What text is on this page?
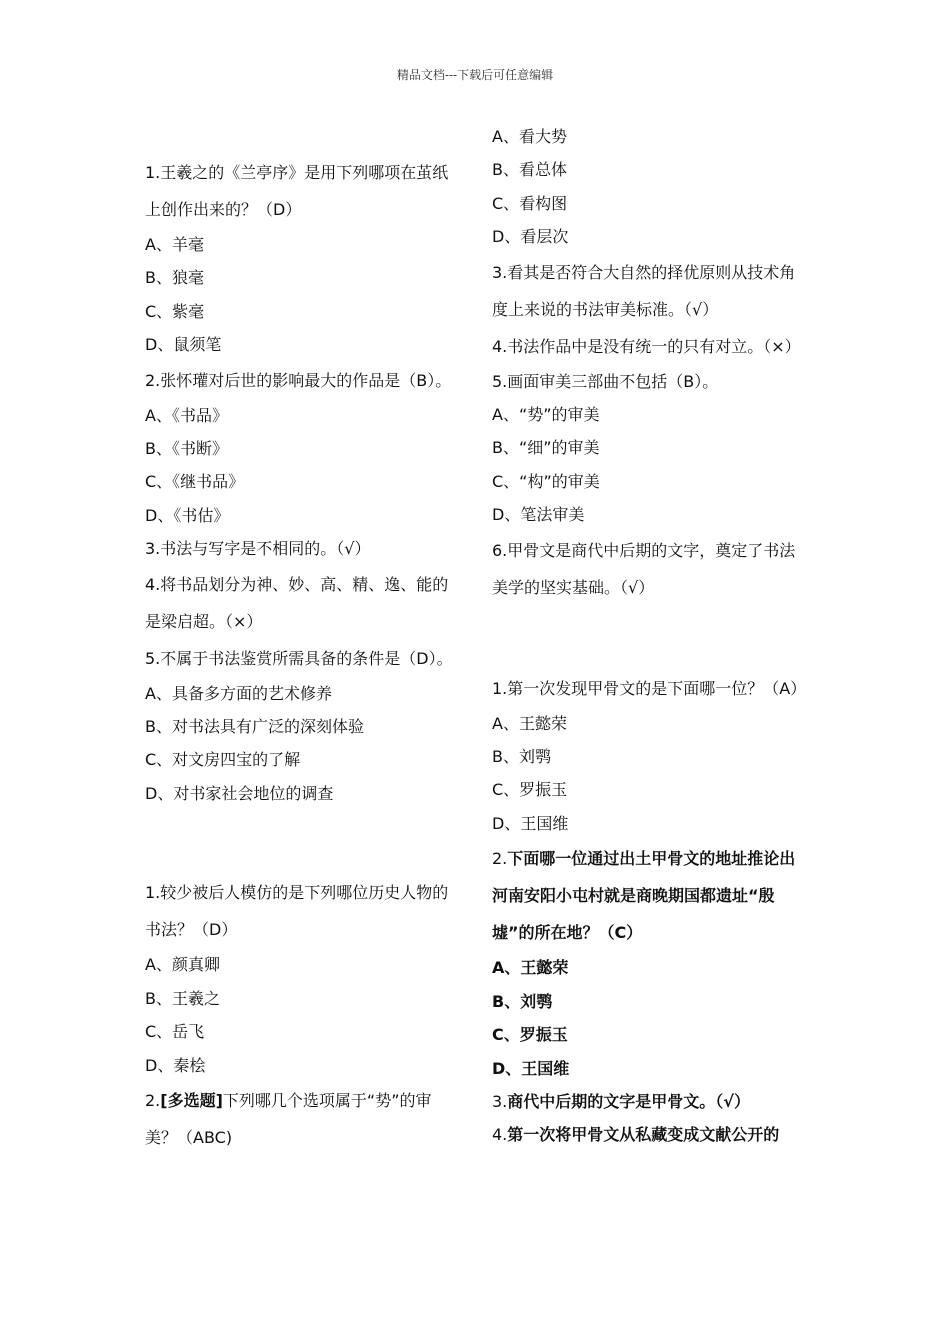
精品文档---下载后可任意编辑

1.王羲之的《兰亭序》是用下列哪项在茧纸上创作出来的？（D）

A、羊毫

B、狼毫

C、紫毫

D、鼠须笔

2.张怀瓘对后世的影响最大的作品是（B）。

A、《书品》

B、《书断》

C、《继书品》

D、《书估》

3.书法与写字是不相同的。（√）

4.将书品划分为神、妙、高、精、逸、能的是梁启超。（×）

5.不属于书法鉴赏所需具备的条件是（D）。

A、具备多方面的艺术修养

B、对书法具有广泛的深刻体验

C、对文房四宝的了解

D、对书家社会地位的调查

1.较少被后人模仿的是下列哪位历史人物的书法？（D）

A、颜真卿

B、王羲之

C、岳飞

D、秦桧

2.[多选题]下列哪几个选项属于“势”的审美？（ABC)

A、看大势

B、看总体

C、看构图

D、看层次

3.看其是否符合大自然的择优原则从技术角度上来说的书法审美标准。（√）

4.书法作品中是没有统一的只有对立。（×）

5.画面审美三部曲不包括（B）。

A、“势”的审美

B、“细”的审美

C、“构”的审美

D、笔法审美

6.甲骨文是商代中后期的文字，奠定了书法美学的坚实基础。（√）

1.第一次发现甲骨文的是下面哪一位？（A）

A、王懿荣

B、刘鹗

C、罗振玉

D、王国维

2.下面哪一位通过出土甲骨文的地址推论出河南安阳小屯村就是商晚期国都遗址“殷墟”的所在地？（C）

A、王懿荣

B、刘鹗

C、罗振玉

D、王国维

3.商代中后期的文字是甲骨文。（√）

4.第一次将甲骨文从私藏变成文献公开的
